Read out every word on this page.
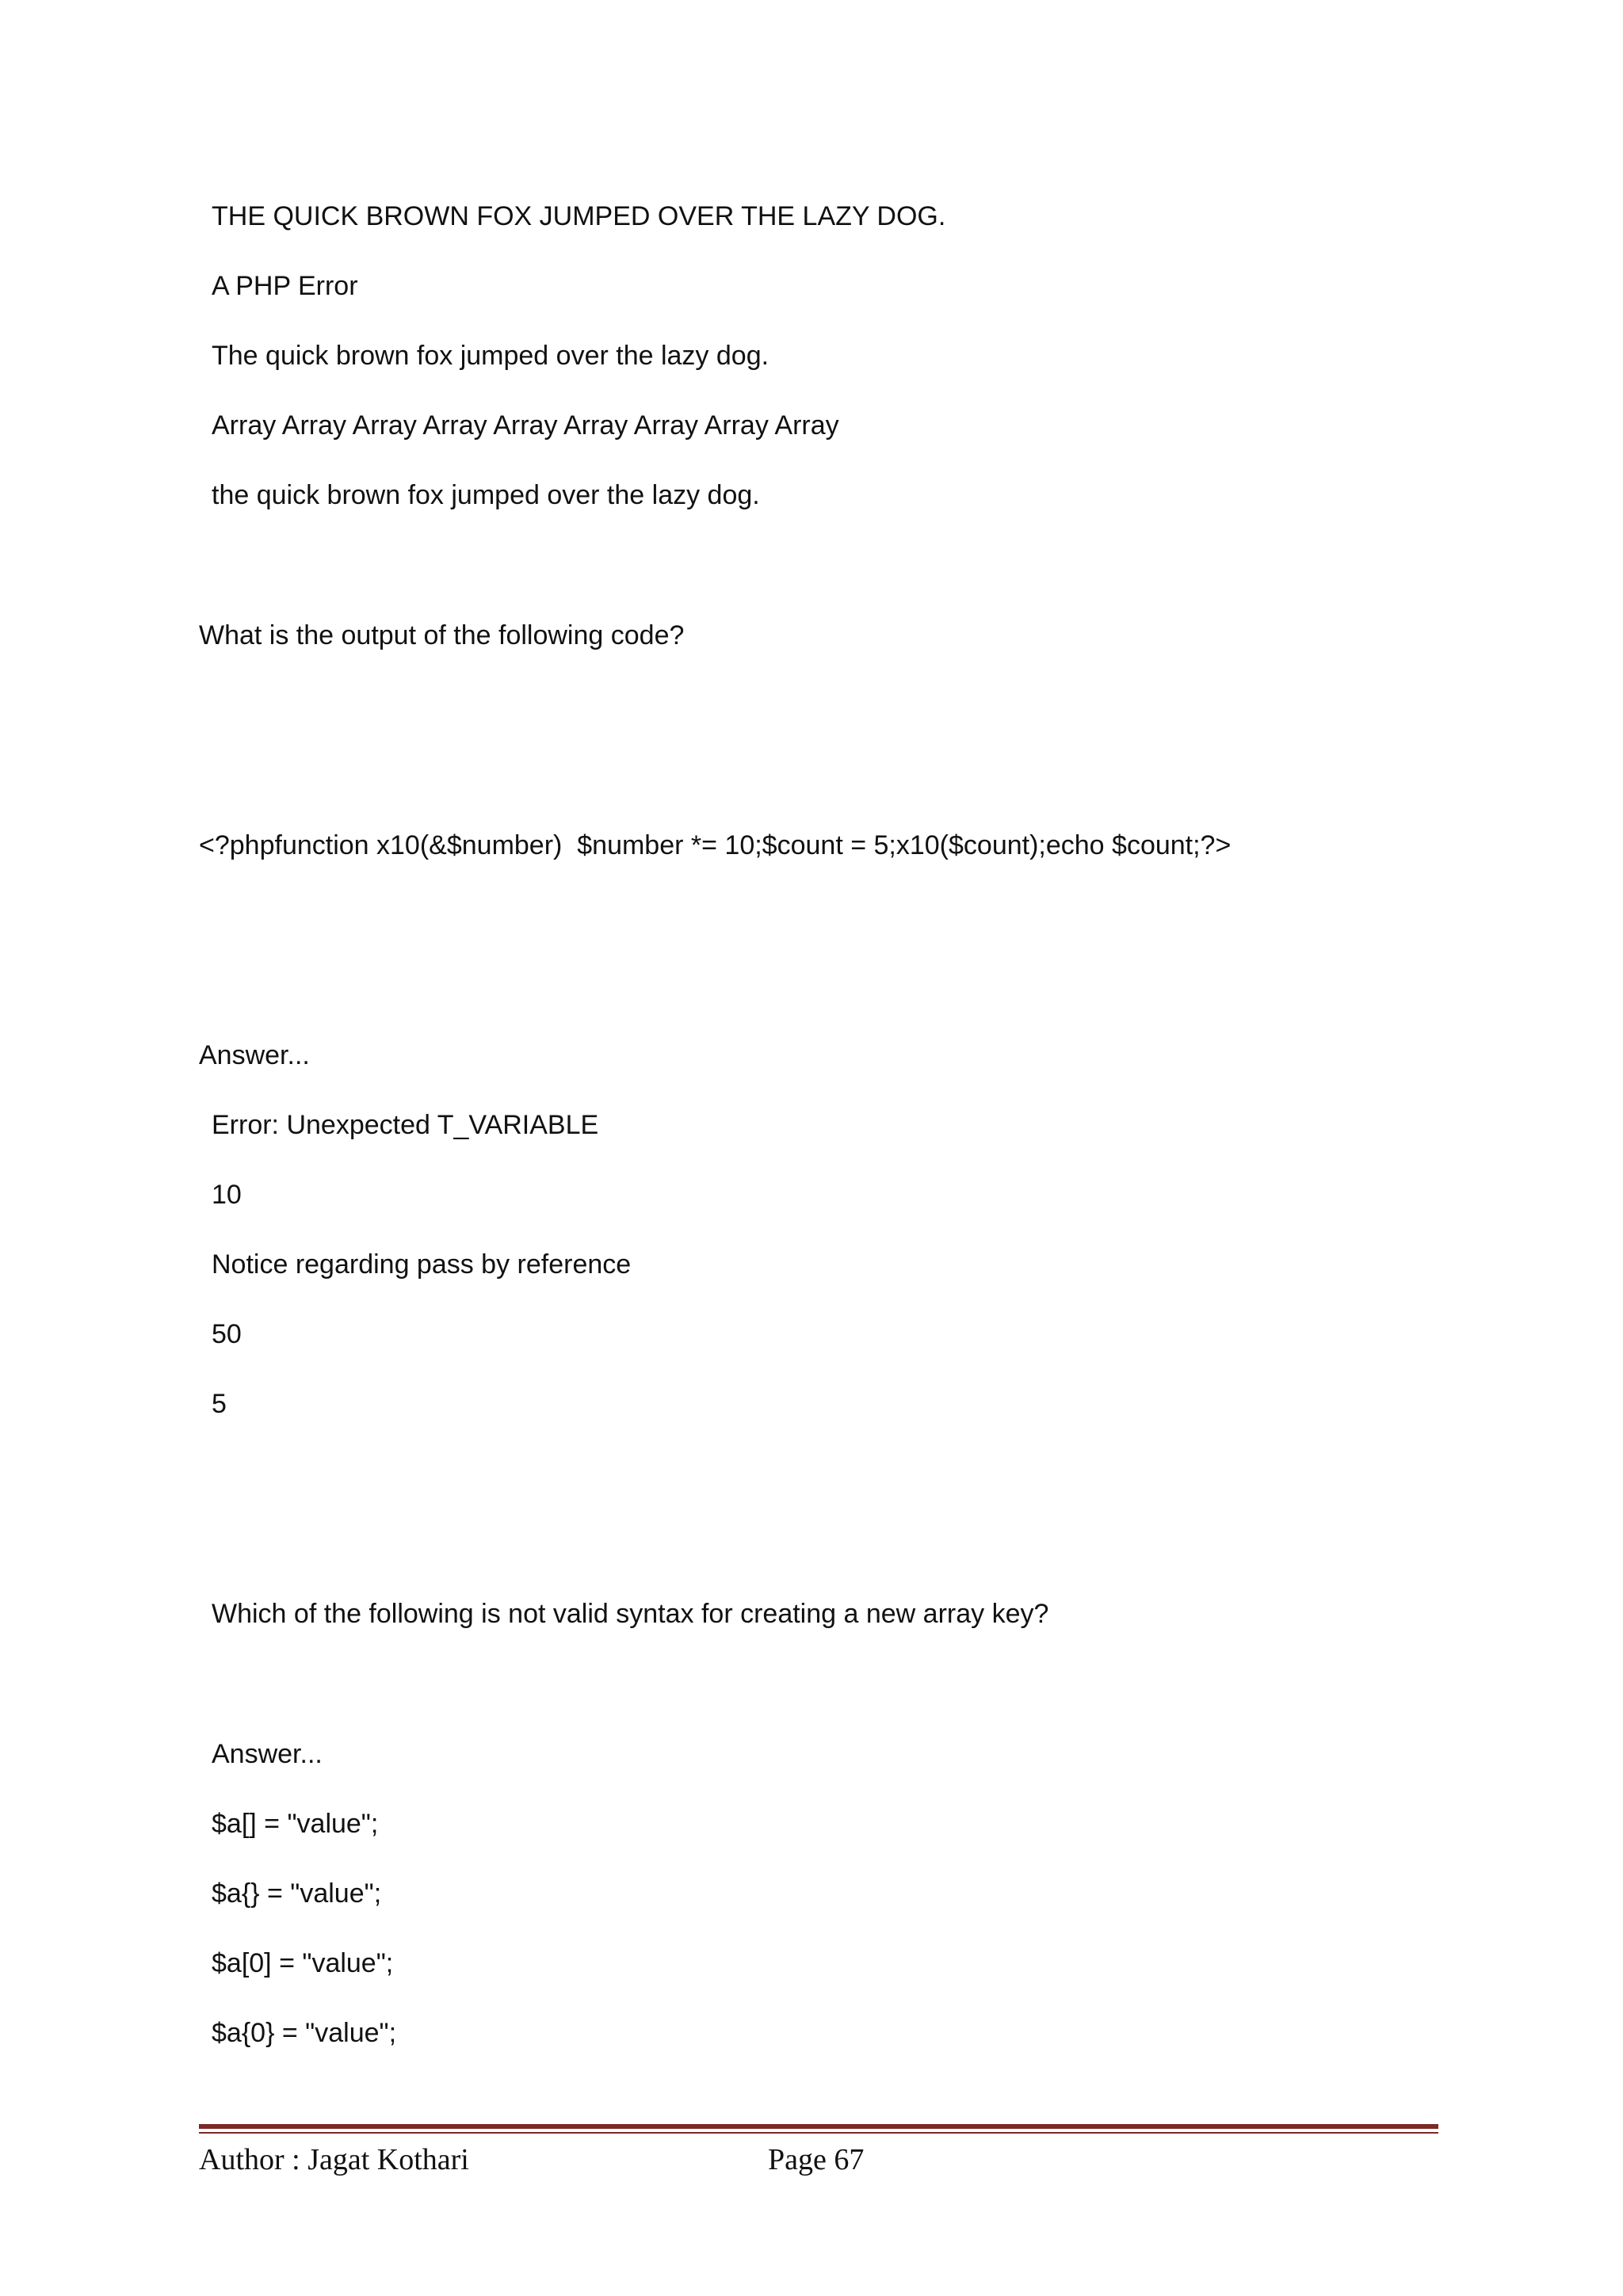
THE QUICK BROWN FOX JUMPED OVER THE LAZY DOG.
A PHP Error
The quick brown fox jumped over the lazy dog.
Array Array Array Array Array Array Array Array Array
the quick brown fox jumped over the lazy dog.
What is the output of the following code?
<?phpfunction x10(&$number)  $number *= 10;$count = 5;x10($count);echo $count;?>
Answer...
Error: Unexpected T_VARIABLE
10
Notice regarding pass by reference
50
5
Which of the following is not valid syntax for creating a new array key?
Answer...
$a[] = "value";
$a{} = "value";
$a[0] = "value";
$a{0} = "value";
Author : Jagat Kothari	Page 67
